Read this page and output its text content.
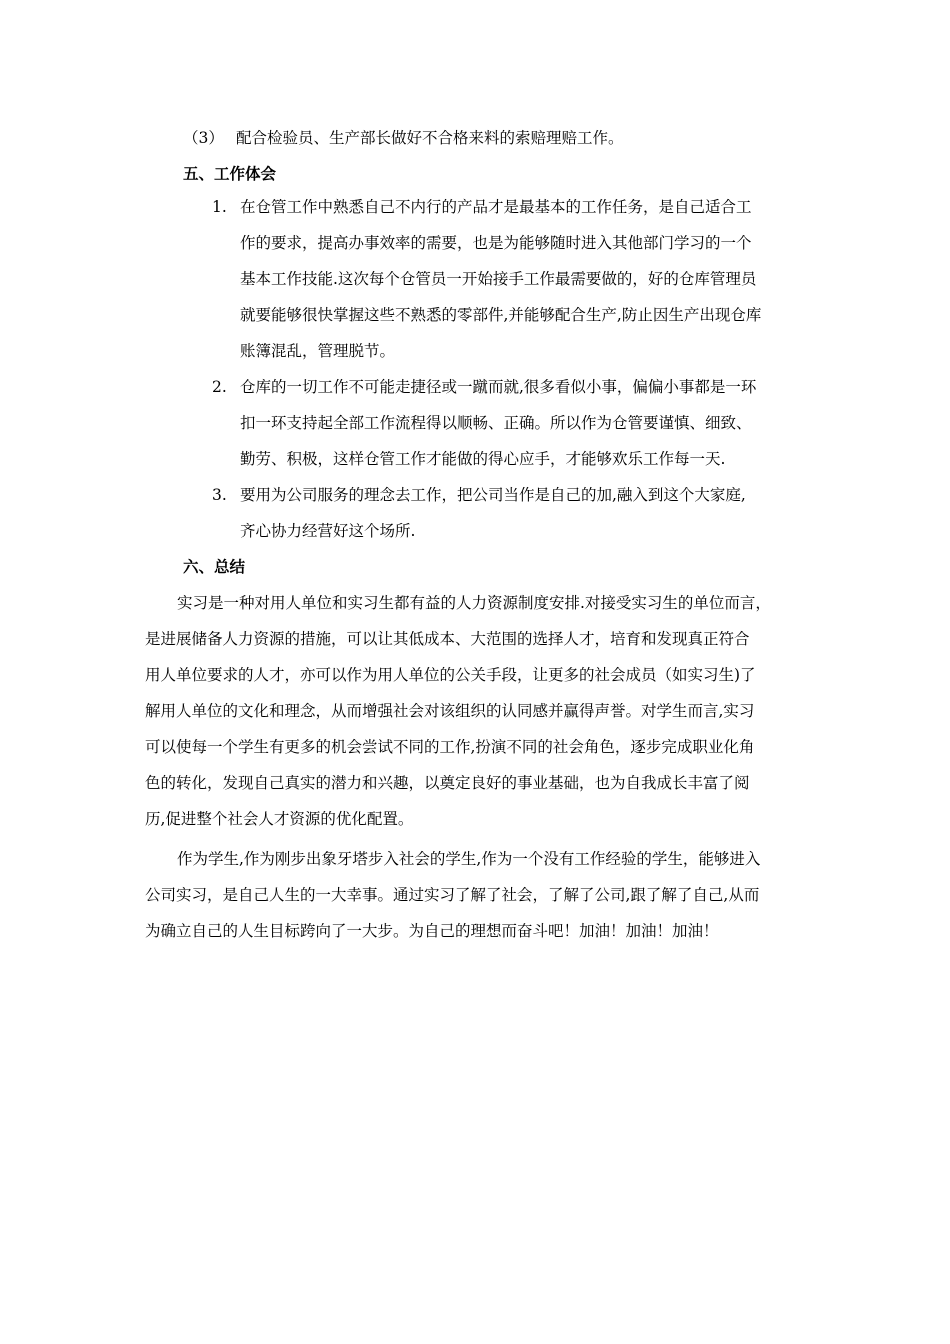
（3） 配合检验员、生产部长做好不合格来料的索赔理赔工作。
五、工作体会
1. 在仓管工作中熟悉自己不内行的产品才是最基本的工作任务，是自己适合工
作的要求，提高办事效率的需要，也是为能够随时进入其他部门学习的一个
基本工作技能.这次每个仓管员一开始接手工作最需要做的，好的仓库管理员
就要能够很快掌握这些不熟悉的零部件,并能够配合生产,防止因生产出现仓库
账簿混乱，管理脱节。
2. 仓库的一切工作不可能走捷径或一蹴而就,很多看似小事，偏偏小事都是一环
扣一环支持起全部工作流程得以顺畅、正确。所以作为仓管要谨慎、细致、
勤劳、积极，这样仓管工作才能做的得心应手，才能够欢乐工作每一天.
3. 要用为公司服务的理念去工作，把公司当作是自己的加,融入到这个大家庭,
齐心协力经营好这个场所.
六、总结
实习是一种对用人单位和实习生都有益的人力资源制度安排.对接受实习生的单位而言，
是进展储备人力资源的措施，可以让其低成本、大范围的选择人才，培育和发现真正符合
用人单位要求的人才，亦可以作为用人单位的公关手段，让更多的社会成员（如实习生)了
解用人单位的文化和理念，从而增强社会对该组织的认同感并赢得声誉。对学生而言,实习
可以使每一个学生有更多的机会尝试不同的工作,扮演不同的社会角色，逐步完成职业化角
色的转化，发现自己真实的潜力和兴趣，以奠定良好的事业基础，也为自我成长丰富了阅
历,促进整个社会人才资源的优化配置。
作为学生,作为刚步出象牙塔步入社会的学生,作为一个没有工作经验的学生，能够进入
公司实习，是自己人生的一大幸事。通过实习了解了社会，了解了公司,跟了解了自己,从而
为确立自己的人生目标跨向了一大步。为自己的理想而奋斗吧！加油！加油！加油！
